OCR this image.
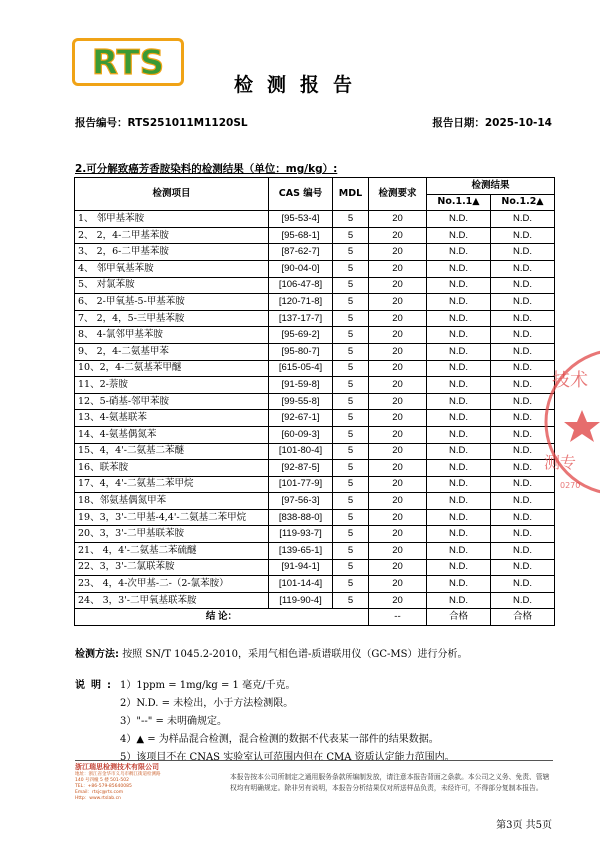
RTS
检测报告
报告编号：RTS251011M1120SL	报告日期：2025-10-14
2.可分解致癌芳香胺染料的检测结果（单位：mg/kg）:
检测项目	CAS 编号	MDL	检测要求	检测结果	
				No.1.1▲	No.1.2▲
1、 邻甲基苯胺	[95-53-4]	5	20	N.D.	N.D.
2、 2，4-二甲基苯胺	[95-68-1]	5	20	N.D.	N.D.
3、 2，6-二甲基苯胺	[87-62-7]	5	20	N.D.	N.D.
4、 邻甲氧基苯胺	[90-04-0]	5	20	N.D.	N.D.
5、 对氯苯胺	[106-47-8]	5	20	N.D.	N.D.
6、 2-甲氧基-5-甲基苯胺	[120-71-8]	5	20	N.D.	N.D.
7、 2，4，5-三甲基苯胺	[137-17-7]	5	20	N.D.	N.D.
8、 4-氯邻甲基苯胺	[95-69-2]	5	20	N.D.	N.D.
9、 2，4-二氨基甲苯	[95-80-7]	5	20	N.D.	N.D.
10、2，4-二氨基苯甲醚	[615-05-4]	5	20	N.D.	N.D.
11、2-萘胺	[91-59-8]	5	20	N.D.	N.D.
12、5-硝基-邻甲苯胺	[99-55-8]	5	20	N.D.	N.D.
13、4-氨基联苯	[92-67-1]	5	20	N.D.	N.D.
14、4-氨基偶氮苯	[60-09-3]	5	20	N.D.	N.D.
15、4，4'-二氨基二苯醚	[101-80-4]	5	20	N.D.	N.D.
16、联苯胺	[92-87-5]	5	20	N.D.	N.D.
17、4，4'-二氨基二苯甲烷	[101-77-9]	5	20	N.D.	N.D.
18、邻氨基偶氮甲苯	[97-56-3]	5	20	N.D.	N.D.
19、3，3'-二甲基-4,4'-二氨基二苯甲烷	[838-88-0]	5	20	N.D.	N.D.
20、3，3'-二甲基联苯胺	[119-93-7]	5	20	N.D.	N.D.
21、 4，4'-二氨基二苯硫醚	[139-65-1]	5	20	N.D.	N.D.
22、3，3'-二氯联苯胺	[91-94-1]	5	20	N.D.	N.D.
23、 4，4-次甲基-二-（2-氯苯胺）	[101-14-4]	5	20	N.D.	N.D.
24、 3，3'-二甲氧基联苯胺	[119-90-4]	5	20	N.D.	N.D.
结 论：			--	合格	合格
检测方法: 按照 SN/T 1045.2-2010，采用气相色谱-质谱联用仪（GC-MS）进行分析。
说明: 1）1ppm = 1mg/kg = 1 毫克/千克。
2）N.D. = 未检出，小于方法检测限。
3）"--" = 未明确规定。
4）▲ = 为样品混合检测，混合检测的数据不代表某一部件的结果数据。
5）该项目不在 CNAS 实验室认可范围内但在 CMA 资质认定能力范围内。
浙江瑞思检测技术有限公司
地址：浙江省金华市义乌市稠江街道检测路
140 号四幢 5 楼 501-502
TEL：+86-579-85640085
Email：rtsjc@rts.com
Http：www.rtslab.cn
本报告按本公司所制定之通用服务条款所编制发放，请注意本报告背面之条款。本公司之义务、免责、管辖权均有明确规定。除非另有说明，本报告分析结果仅对所送样品负责，未经许可，不得部分复制本报告。
第3页 共5页
技术
测专
0270
